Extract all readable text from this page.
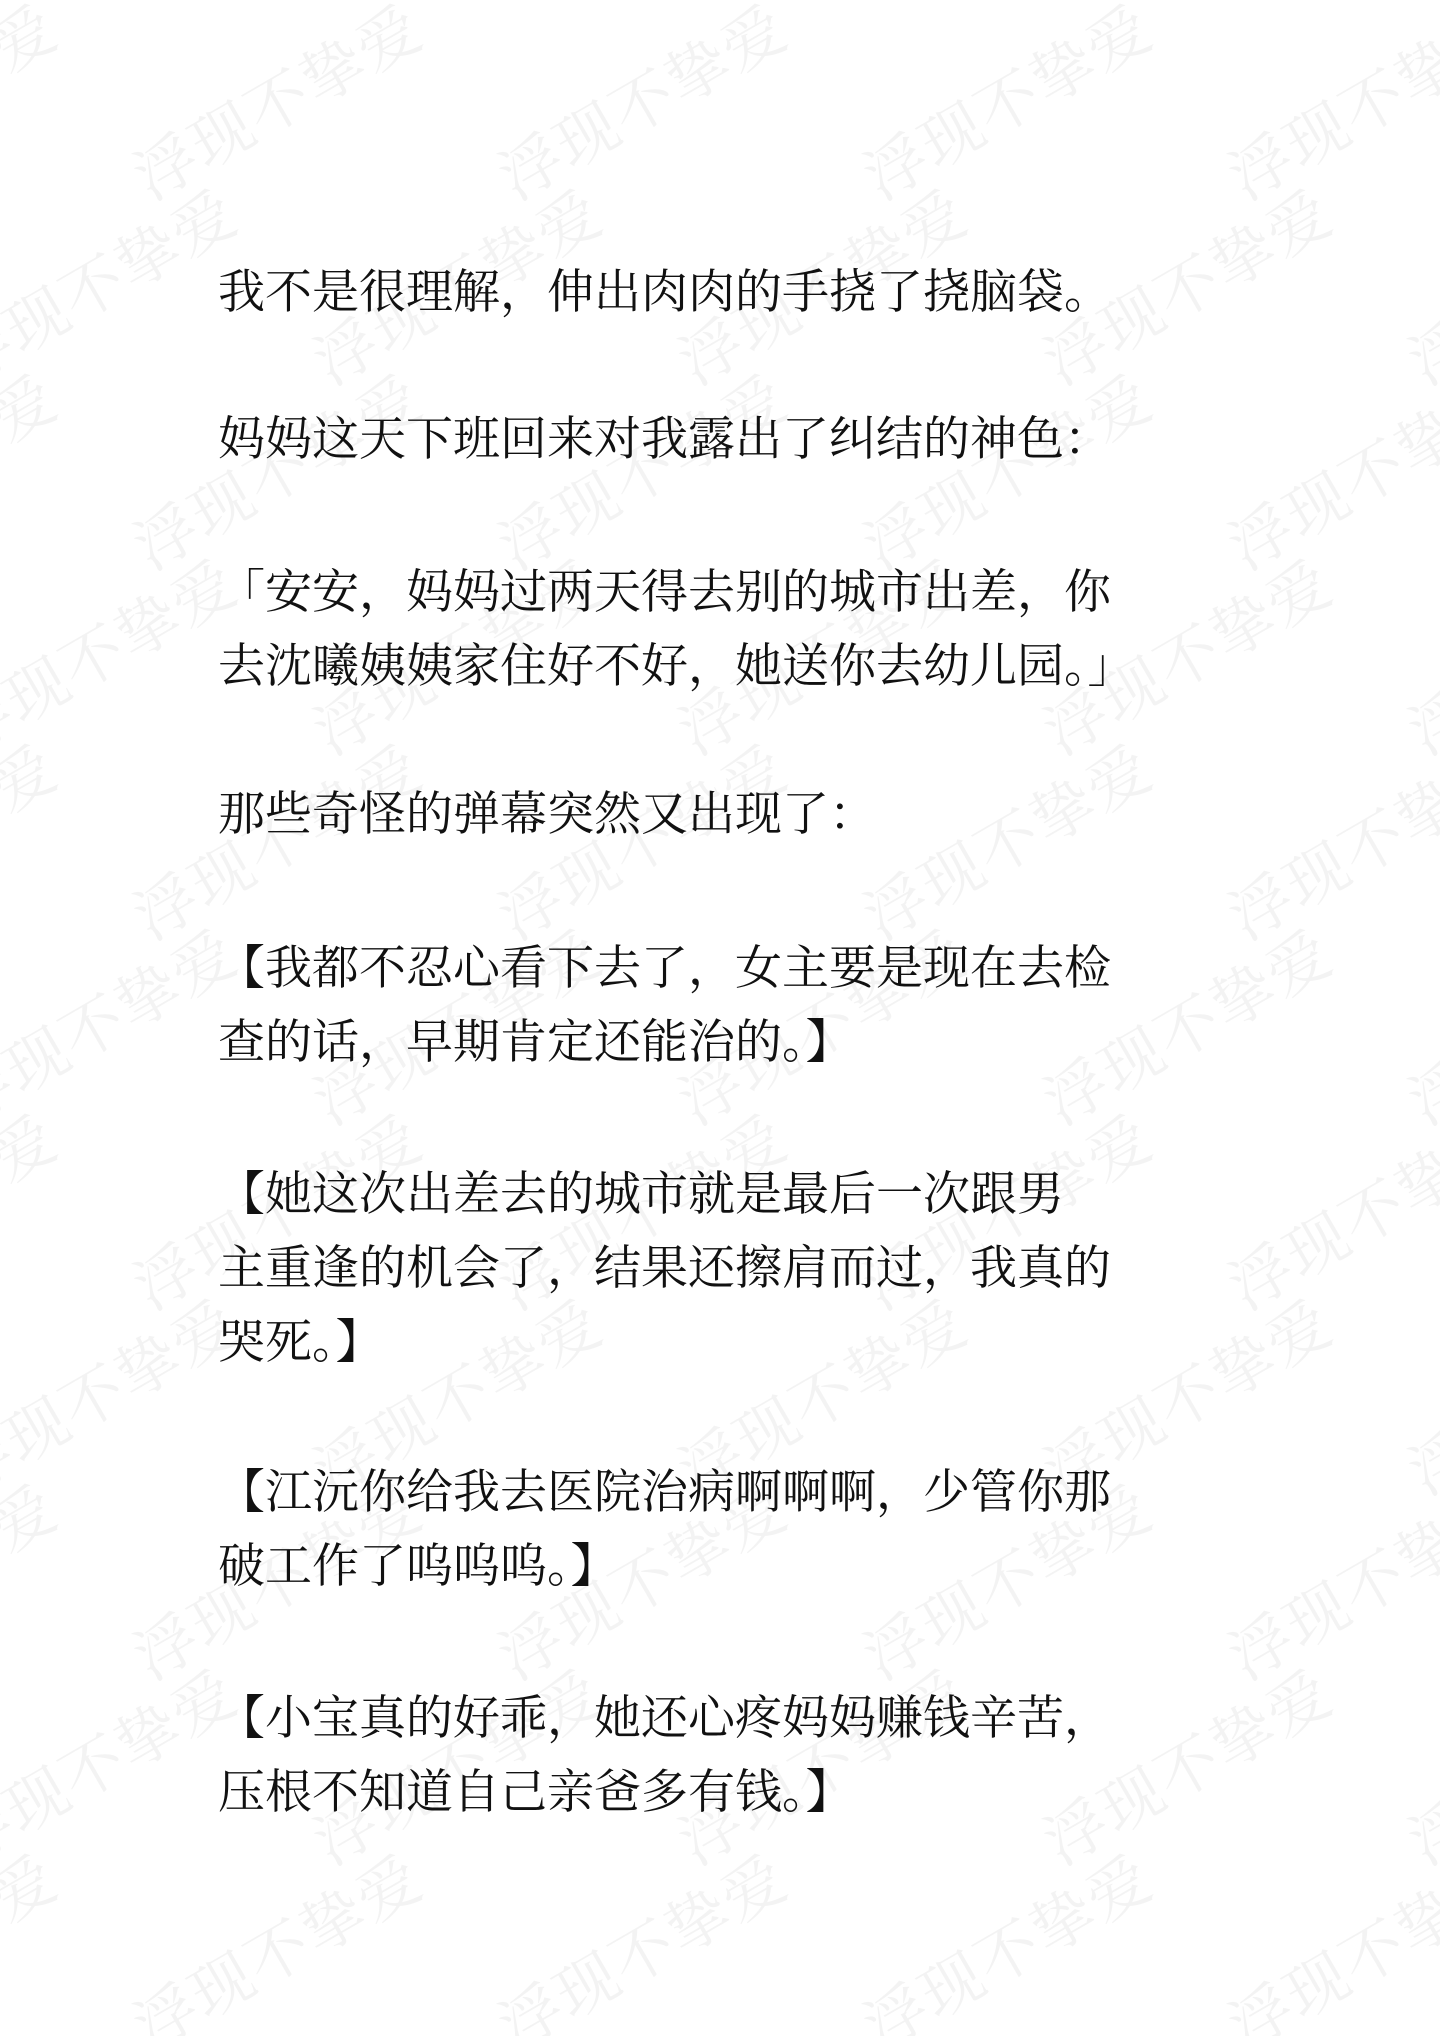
我不是很理解，伸出肉肉的手挠了挠脑袋。

妈妈这天下班回来对我露出了纠结的神色：

「安安，妈妈过两天得去别的城市出差，你
去沈曦姨姨家住好不好，她送你去幼儿园。」

那些奇怪的弹幕突然又出现了：

【我都不忍心看下去了，女主要是现在去检
查的话，早期肯定还能治的。】

【她这次出差去的城市就是最后一次跟男
主重逢的机会了，结果还擦肩而过，我真的
哭死。】

【江沅你给我去医院治病啊啊啊，少管你那
破工作了呜呜呜。】

【小宝真的好乖，她还心疼妈妈赚钱辛苦，
压根不知道自己亲爸多有钱。】
